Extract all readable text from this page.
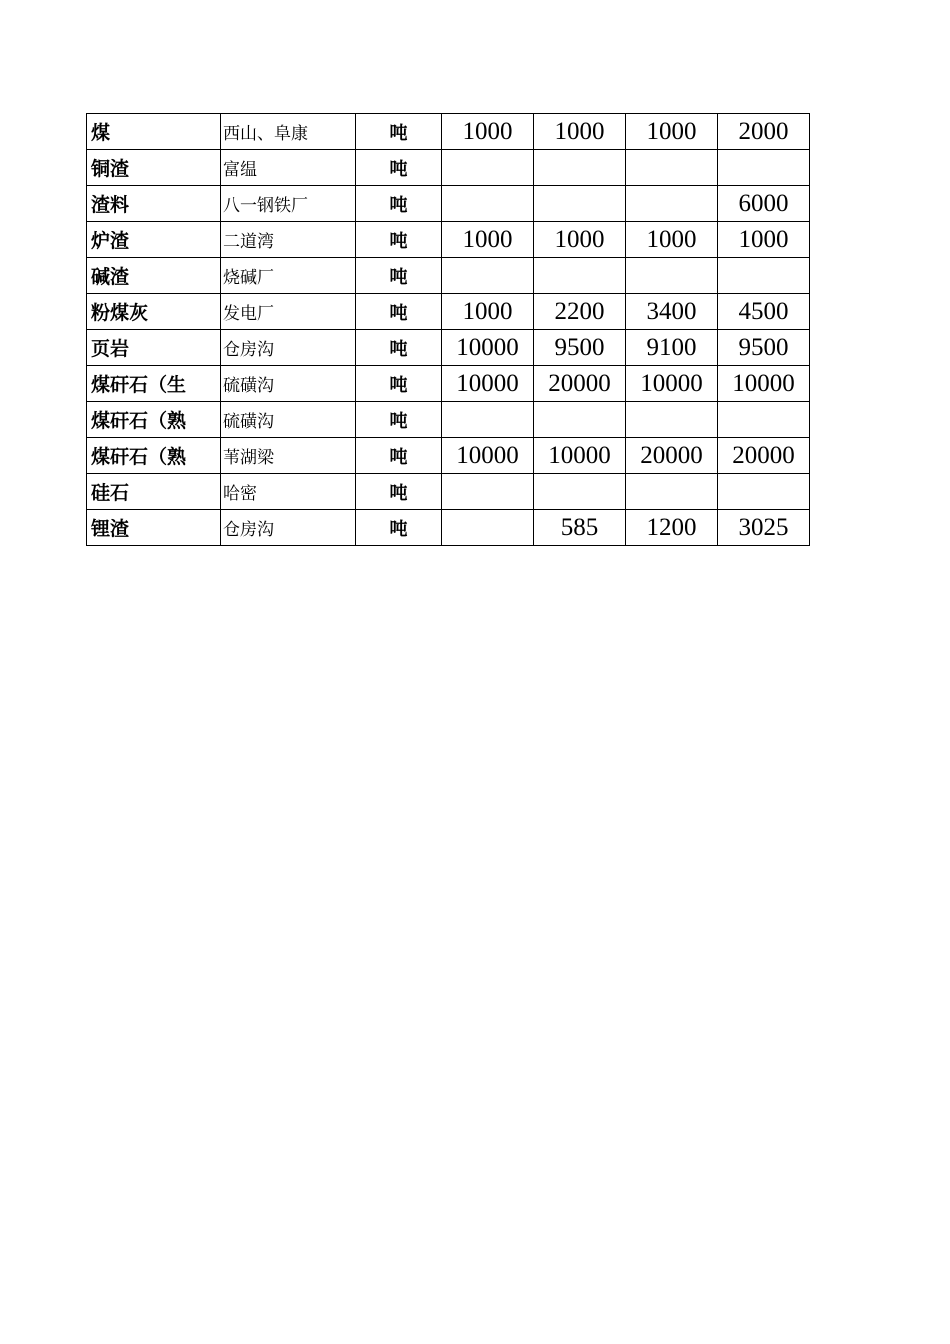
煤	西山、阜康	吨	1000	1000	1000	2000
铜渣	富缊	吨				
渣料	八一钢铁厂	吨				6000
炉渣	二道湾	吨	1000	1000	1000	1000
碱渣	烧碱厂	吨				
粉煤灰	发电厂	吨	1000	2200	3400	4500
页岩	仓房沟	吨	10000	9500	9100	9500
煤矸石（生	硫磺沟	吨	10000	20000	10000	10000
煤矸石（熟	硫磺沟	吨				
煤矸石（熟	苇湖梁	吨	10000	10000	20000	20000
硅石	哈密	吨				
锂渣	仓房沟	吨		585	1200	3025
